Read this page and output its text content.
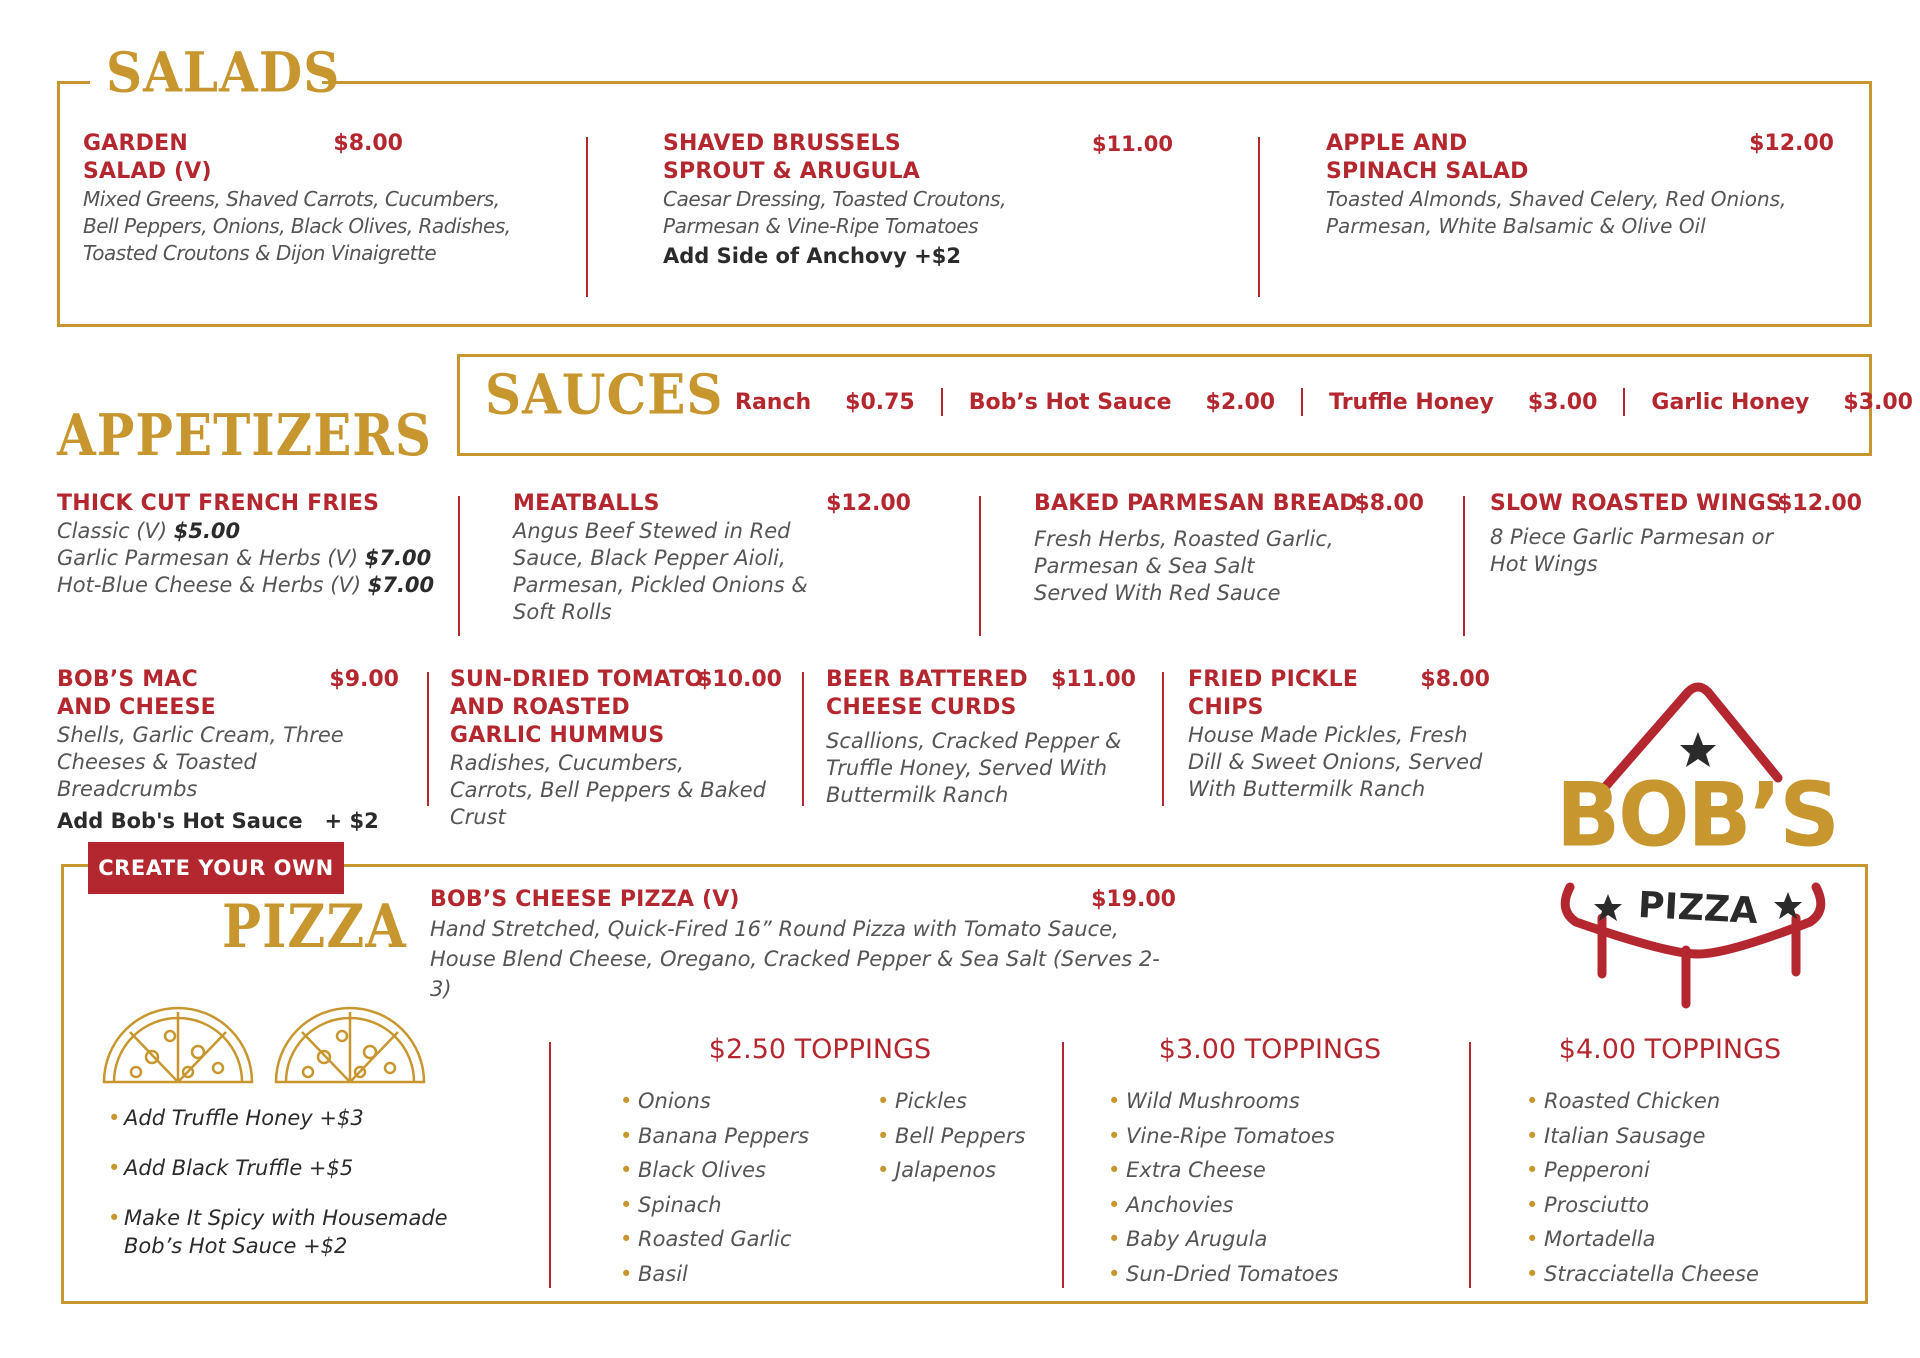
SALADS
GARDEN
SALAD (V)
$8.00
Mixed Greens, Shaved Carrots, Cucumbers, Bell Peppers, Onions, Black Olives, Radishes, Toasted Croutons & Dijon Vinaigrette
SHAVED BRUSSELS
SPROUT & ARUGULA
$11.00
Caesar Dressing, Toasted Croutons, Parmesan & Vine-Ripe Tomatoes
Add Side of Anchovy +$2
APPLE AND
SPINACH SALAD
$12.00
Toasted Almonds, Shaved Celery, Red Onions, Parmesan, White Balsamic & Olive Oil
SAUCES Ranch $0.75 Bob’s Hot Sauce $2.00 Truffle Honey $3.00 Garlic Honey $3.00
APPETIZERS
THICK CUT FRENCH FRIES
Classic (V) $5.00
Garlic Parmesan & Herbs (V) $7.00
Hot-Blue Cheese & Herbs (V) $7.00
MEATBALLS	$12.00
Angus Beef Stewed in Red Sauce, Black Pepper Aioli, Parmesan, Pickled Onions & Soft Rolls
BAKED PARMESAN BREAD
$8.00
Fresh Herbs, Roasted Garlic, Parmesan & Sea Salt Served With Red Sauce
SLOW ROASTED WINGS
$12.00
8 Piece Garlic Parmesan or Hot Wings
BOB’S MAC
AND CHEESE
$9.00
Shells, Garlic Cream, Three Cheeses & Toasted Breadcrumbs
Add Bob's Hot Sauce   + $2
SUN-DRIED TOMATO
AND ROASTED
GARLIC HUMMUS
$10.00
Radishes, Cucumbers, Carrots, Bell Peppers & Baked Crust
BEER BATTERED
CHEESE CURDS
$11.00
Scallions, Cracked Pepper & Truffle Honey, Served With Buttermilk Ranch
FRIED PICKLE
CHIPS
$8.00
House Made Pickles, Fresh Dill & Sweet Onions, Served With Buttermilk Ranch
CREATE YOUR OWN
PIZZA BOB’S CHEESE PIZZA (V)	$19.00
Hand Stretched, Quick-Fired 16” Round Pizza with Tomato Sauce, House Blend Cheese, Oregano, Cracked Pepper & Sea Salt (Serves 2-3)
• Add Truffle Honey +$3
• Add Black Truffle +$5
• Make It Spicy with Housemade Bob’s Hot Sauce +$2
$2.50 TOPPINGS
• Onions
• Banana Peppers
• Black Olives
• Spinach
• Roasted Garlic
• Basil
• Pickles
• Bell Peppers
• Jalapenos
$3.00 TOPPINGS
• Wild Mushrooms
• Vine-Ripe Tomatoes
• Extra Cheese
• Anchovies
• Baby Arugula
• Sun-Dried Tomatoes
$4.00 TOPPINGS
• Roasted Chicken
• Italian Sausage
• Pepperoni
• Prosciutto
• Mortadella
• Stracciatella Cheese
BOB’S
PIZZA
